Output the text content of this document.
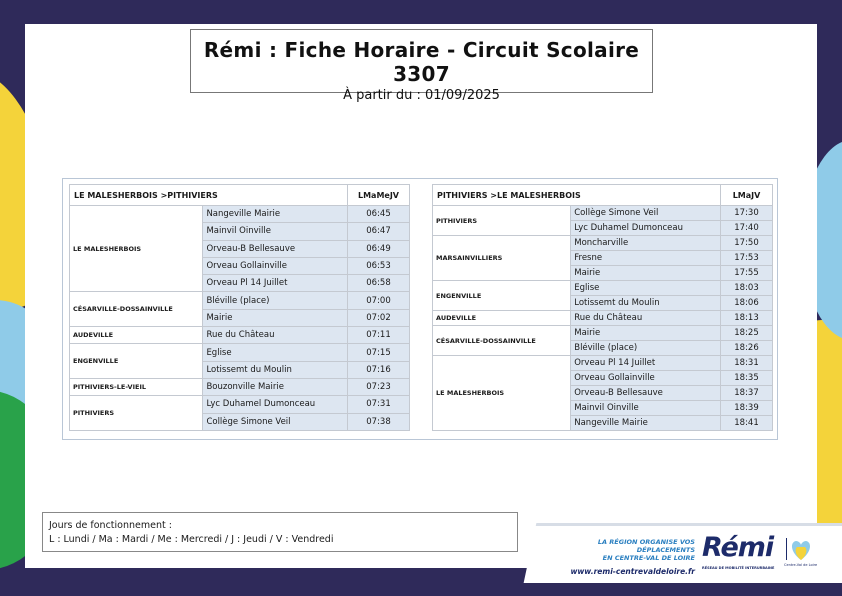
Rémi : Fiche Horaire - Circuit Scolaire 3307
À partir du : 01/09/2025
LE MALESHERBOIS >PITHIVIERS		LMaMeJV
LE MALESHERBOIS	Nangeville Mairie	06:45
	Mainvil Oinville	06:47
	Orveau-B Bellesauve	06:49
	Orveau Gollainville	06:53
	Orveau Pl 14 Juillet	06:58
CÉSARVILLE-DOSSAINVILLE	Bléville (place)	07:00
	Mairie	07:02
AUDEVILLE	Rue du Château	07:11
ENGENVILLE	Eglise	07:15
	Lotissemt du Moulin	07:16
PITHIVIERS-LE-VIEIL	Bouzonville Mairie	07:23
PITHIVIERS	Lyc Duhamel Dumonceau	07:31
	Collège Simone Veil	07:38
PITHIVIERS >LE MALESHERBOIS		LMaJV
PITHIVIERS	Collège Simone Veil	17:30
	Lyc Duhamel Dumonceau	17:40
MARSAINVILLIERS	Moncharville	17:50
	Fresne	17:53
	Mairie	17:55
ENGENVILLE	Eglise	18:03
	Lotissemt du Moulin	18:06
AUDEVILLE	Rue du Château	18:13
CÉSARVILLE-DOSSAINVILLE	Mairie	18:25
	Bléville (place)	18:26
LE MALESHERBOIS	Orveau Pl 14 Juillet	18:31
	Orveau Gollainville	18:35
	Orveau-B Bellesauve	18:37
	Mainvil Oinville	18:39
	Nangeville Mairie	18:41
Jours de fonctionnement :
L : Lundi / Ma : Mardi / Me : Mercredi / J : Jeudi / V : Vendredi	LA RÉGION ORGANISE VOS DÉPLACEMENTS
EN CENTRE-VAL DE LOIRE
www.remi-centrevaldeloire.fr
Rémi
RÉSEAU DE MOBILITÉ INTERURBAINE
Centre-Val de Loire
